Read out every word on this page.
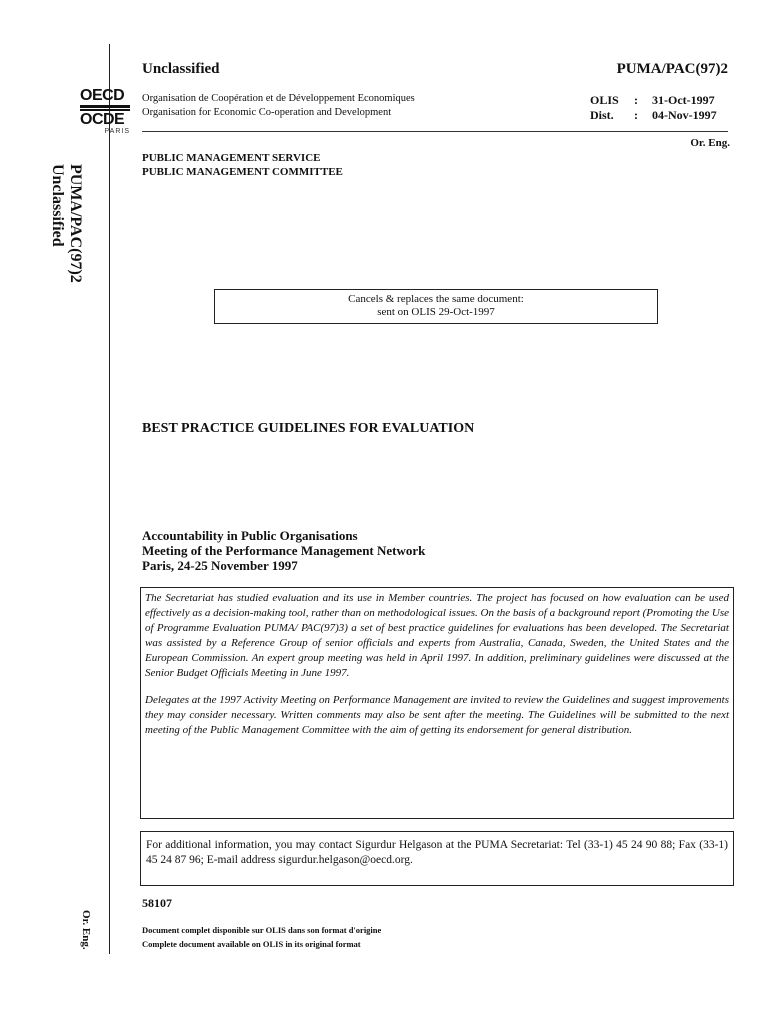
OECD
OCDE
PARIS
PUMA/PAC(97)2
Unclassified
Or. Eng.
Unclassified	PUMA/PAC(97)2
Organisation de Coopération et de Développement Economiques
Organisation for Economic Co-operation and Development
OLIS : 31-Oct-1997
Dist. : 04-Nov-1997
Or. Eng.
PUBLIC MANAGEMENT SERVICE
PUBLIC MANAGEMENT COMMITTEE
Cancels & replaces the same document:
sent on OLIS 29-Oct-1997
BEST PRACTICE GUIDELINES FOR EVALUATION
Accountability in Public Organisations
Meeting of the Performance Management Network
Paris, 24-25 November 1997

The Secretariat has studied evaluation and its use in Member countries. The project has focused on how evaluation can be used effectively as a decision-making tool, rather than on methodological issues. On the basis of a background report (Promoting the Use of Programme Evaluation PUMA/ PAC(97)3) a set of best practice guidelines for evaluations has been developed. The Secretariat was assisted by a Reference Group of senior officials and experts from Australia, Canada, Sweden, the United States and the European Commission. An expert group meeting was held in April 1997. In addition, preliminary guidelines were discussed at the Senior Budget Officials Meeting in June 1997.

Delegates at the 1997 Activity Meeting on Performance Management are invited to review the Guidelines and suggest improvements they may consider necessary. Written comments may also be sent after the meeting. The Guidelines will be submitted to the next meeting of the Public Management Committee with the aim of getting its endorsement for general distribution.

For additional information, you may contact Sigurdur Helgason at the PUMA Secretariat: Tel (33-1) 45 24 90 88; Fax (33-1) 45 24 87 96; E-mail address sigurdur.helgason@oecd.org.
58107
Document complet disponible sur OLIS dans son format d'origine
Complete document available on OLIS in its original format
